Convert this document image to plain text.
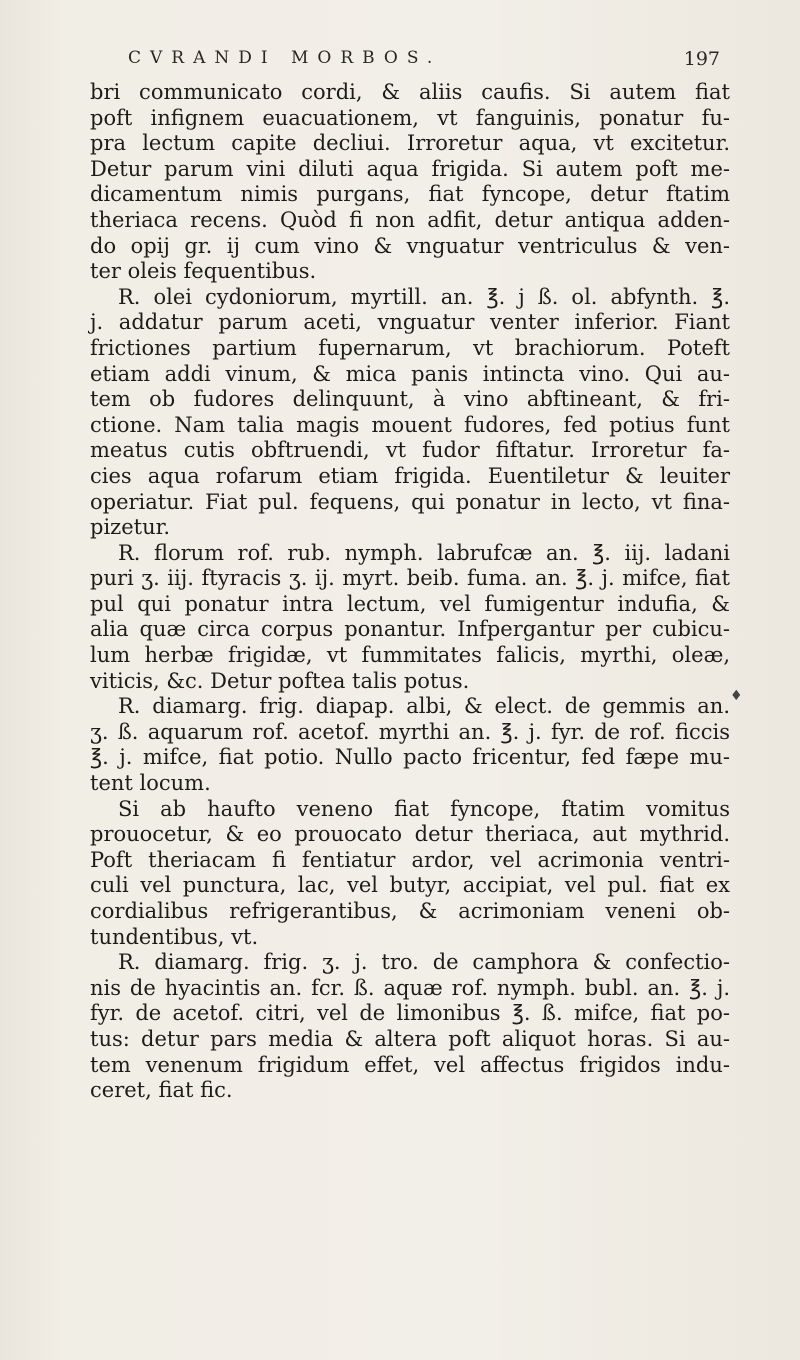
CVRANDI MORBOS.	197
bri communicato cordi, & aliis caufis. Si autem fiat
poft infignem euacuationem, vt fanguinis, ponatur fu-
pra lectum capite decliui. Irroretur aqua, vt excitetur.
Detur parum vini diluti aqua frigida. Si autem poft me-
dicamentum nimis purgans, fiat fyncope, detur ftatim
theriaca recens. Quòd fi non adfit, detur antiqua adden-
do opij gr. ij cum vino & vnguatur ventriculus & ven-
ter oleis fequentibus.
R. olei cydoniorum, myrtill. an. ℥. j ß. ol. abfynth. ℥.
j. addatur parum aceti, vnguatur venter inferior. Fiant
frictiones partium fupernarum, vt brachiorum. Poteft
etiam addi vinum, & mica panis intincta vino. Qui au-
tem ob fudores delinquunt, à vino abftineant, & fri-
ctione. Nam talia magis mouent fudores, fed potius funt
meatus cutis obftruendi, vt fudor fiftatur. Irroretur fa-
cies aqua rofarum etiam frigida. Euentiletur & leuiter
operiatur. Fiat pul. fequens, qui ponatur in lecto, vt fina-
pizetur.
R. florum rof. rub. nymph. labrufcæ an. ℥. iij. ladani
puri ʒ. iij. ftyracis ʒ. ij. myrt. beib. fuma. an. ℥. j. mifce, fiat
pul qui ponatur intra lectum, vel fumigentur indufia, &
alia quæ circa corpus ponantur. Infpergantur per cubicu-
lum herbæ frigidæ, vt fummitates falicis, myrthi, oleæ,
viticis, &c. Detur poftea talis potus.
R. diamarg. frig. diapap. albi, & elect. de gemmis an.
ʒ. ß. aquarum rof. acetof. myrthi an. ℥. j. fyr. de rof. ficcis
℥. j. mifce, fiat potio. Nullo pacto fricentur, fed fæpe mu-
tent locum.
Si ab haufto veneno fiat fyncope, ftatim vomitus
prouocetur, & eo prouocato detur theriaca, aut mythrid.
Poft theriacam fi fentiatur ardor, vel acrimonia ventri-
culi vel punctura, lac, vel butyr, accipiat, vel pul. fiat ex
cordialibus refrigerantibus, & acrimoniam veneni ob-
tundentibus, vt.
R. diamarg. frig. ʒ. j. tro. de camphora & confectio-
nis de hyacintis an. fcr. ß. aquæ rof. nymph. bubl. an. ℥. j.
fyr. de acetof. citri, vel de limonibus ℥. ß. mifce, fiat po-
tus: detur pars media & altera poft aliquot horas. Si au-
tem venenum frigidum effet, vel affectus frigidos indu-
ceret, fiat fic.
♦
